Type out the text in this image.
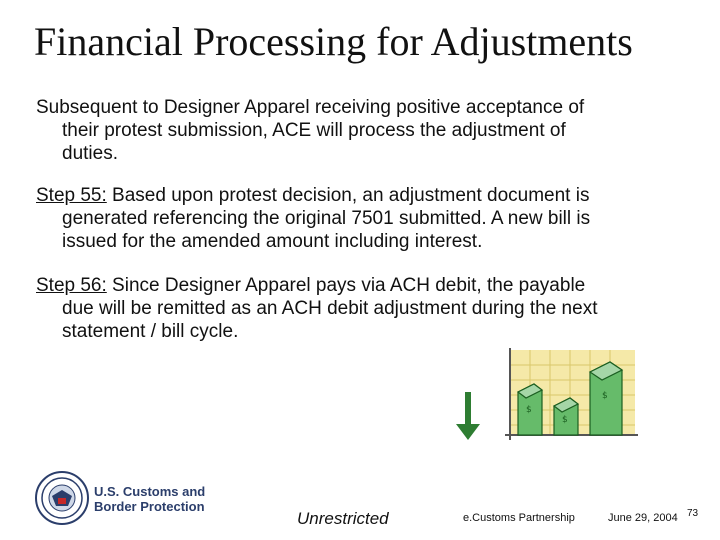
Financial Processing for Adjustments
Subsequent to Designer Apparel receiving positive acceptance of
their protest submission, ACE will process the adjustment of
duties.
Step 55: Based upon protest decision, an adjustment document is
generated referencing the original 7501 submitted. A new bill is
issued for the amended amount including interest.
Step 56: Since Designer Apparel pays via ACH debit, the payable
due will be remitted as an ACH debit adjustment during the next
statement / bill cycle.
$
$
$
U.S. Customs and
Border Protection
Unrestricted	e.Customs Partnership	June 29, 2004 73
